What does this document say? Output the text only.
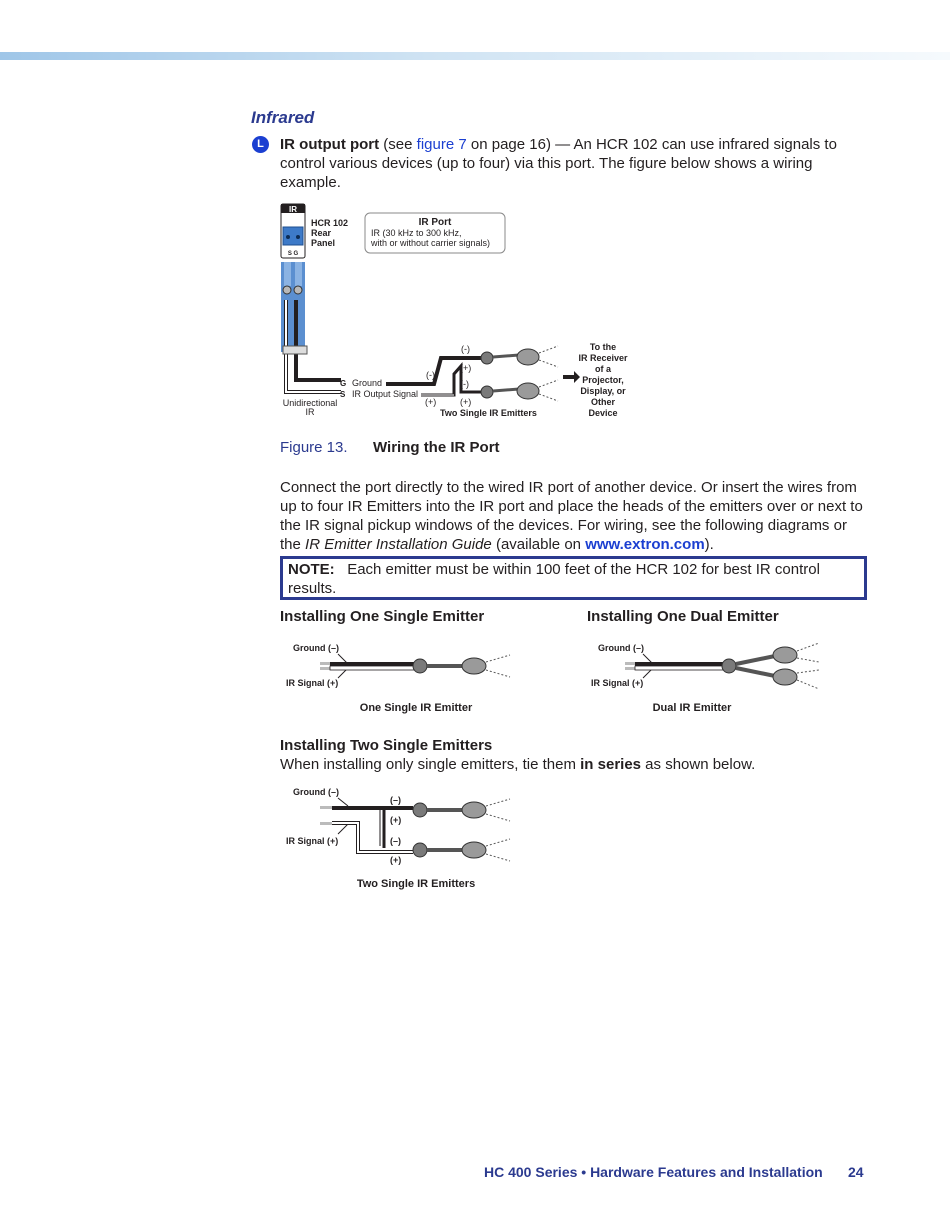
Infrared
L	IR output port (see figure 7 on page 16) — An HCR 102 can use infrared signals to control various devices (up to four) via this port. The figure below shows a wiring example.
IR
S G
HCR 102
Rear
Panel
IR Port
IR (30 kHz to 300 kHz,
with or without carrier signals)
G
S
Ground
IR Output Signal
Unidirectional
IR
(-)
(+)
(-)
(-)
(+)	(+)
Two Single IR Emitters
To the
IR Receiver
of a
Projector,
Display, or
Other
Device
Figure 13. Wiring the IR Port
Connect the port directly to the wired IR port of another device. Or insert the wires from up to four IR Emitters into the IR port and place the heads of the emitters over or next to the IR signal pickup windows of the devices. For wiring, see the following diagrams or the IR Emitter Installation Guide (available on www.extron.com).
NOTE: Each emitter must be within 100 feet of the HCR 102 for best IR control results.
Installing One Single Emitter	Installing One Dual Emitter
Ground (–)
IR Signal (+)
One Single IR Emitter
Ground (–)
IR Signal (+)
Dual IR Emitter
Installing Two Single Emitters
When installing only single emitters, tie them in series as shown below.
Ground (–)
IR Signal (+)
(–)
(+)
(–)
(+)
Two Single IR Emitters
HC 400 Series • Hardware Features and Installation 24
